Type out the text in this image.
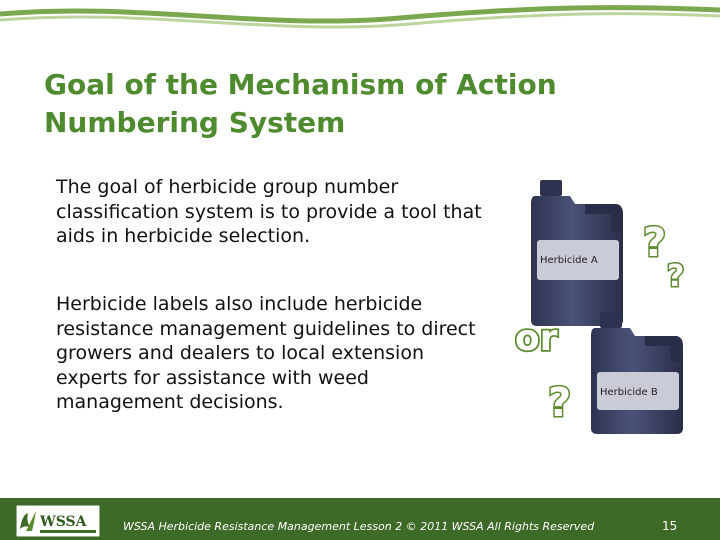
Goal of the Mechanism of Action
Numbering System
The goal of herbicide group number classification system is to provide a tool that aids in herbicide selection.
Herbicide labels also include herbicide resistance management guidelines to direct growers and dealers to local extension experts for assistance with weed management decisions.
Herbicide A
Herbicide B
?
?
or
?
WSSA	WSSA Herbicide Resistance Management Lesson 2 © 2011 WSSA All Rights Reserved	15
